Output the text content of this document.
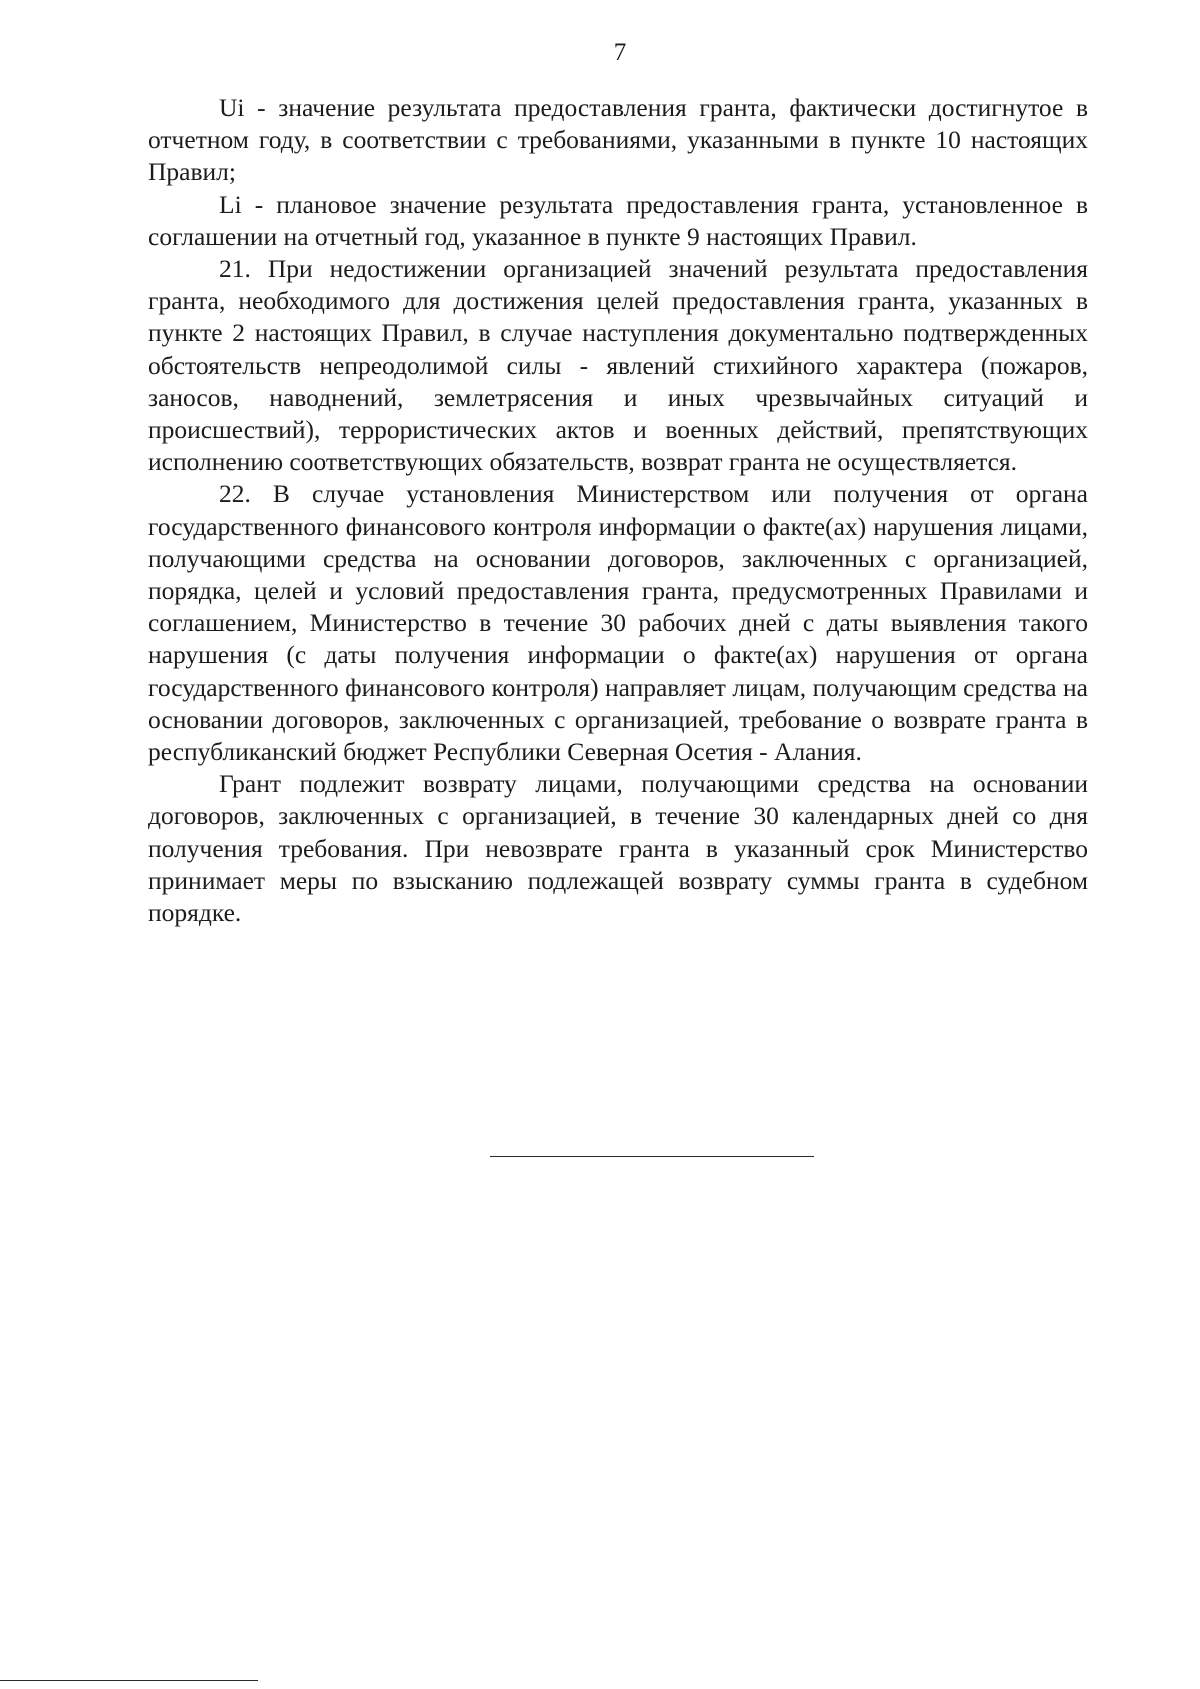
7

Ui - значение результата предоставления гранта, фактически достигнутое в отчетном году, в соответствии с требованиями, указанными в пункте 10 настоящих Правил;

Li - плановое значение результата предоставления гранта, установленное в соглашении на отчетный год, указанное в пункте 9 настоящих Правил.

21. При недостижении организацией значений результата предоставления гранта, необходимого для достижения целей предоставления гранта, указанных в пункте 2 настоящих Правил, в случае наступления документально подтвержденных обстоятельств непреодолимой силы - явлений стихийного характера (пожаров, заносов, наводнений, землетрясения и иных чрезвычайных ситуаций и происшествий), террористических актов и военных действий, препятствующих исполнению соответствующих обязательств, возврат гранта не осуществляется.

22. В случае установления Министерством или получения от органа государственного финансового контроля информации о факте(ах) нарушения лицами, получающими средства на основании договоров, заключенных с организацией, порядка, целей и условий предоставления гранта, предусмотренных Правилами и соглашением, Министерство в течение 30 рабочих дней с даты выявления такого нарушения (с даты получения информации о факте(ах) нарушения от органа государственного финансового контроля) направляет лицам, получающим средства на основании договоров, заключенных с организацией, требование о возврате гранта в республиканский бюджет Республики Северная Осетия - Алания.

Грант подлежит возврату лицами, получающими средства на основании договоров, заключенных с организацией, в течение 30 календарных дней со дня получения требования. При невозврате гранта в указанный срок Министерство принимает меры по взысканию подлежащей возврату суммы гранта в судебном порядке.
